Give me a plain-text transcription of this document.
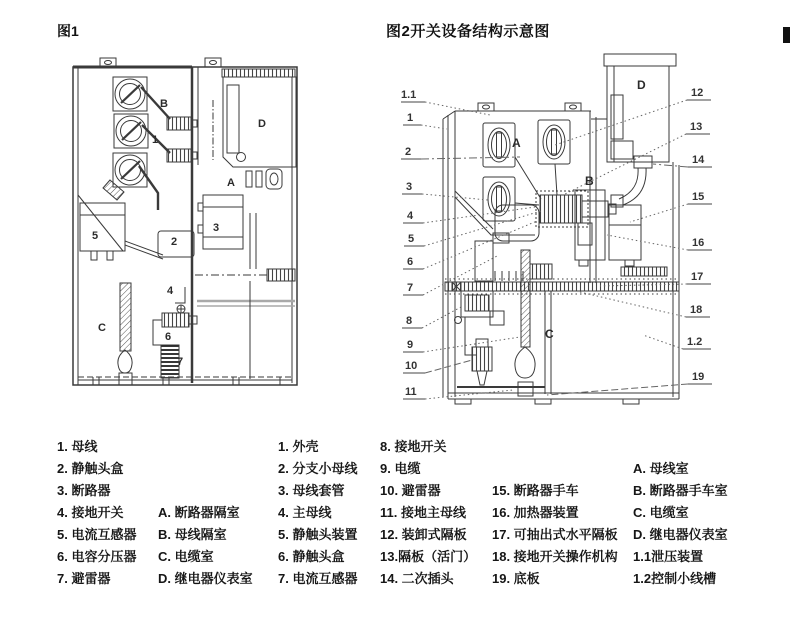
图1	图2开关设备结构示意图
B
1
D
A
3
2
5
4
C
6
7
A
B
C
D
1.1
1
2
3
4
5
6
7
8
9
10
11
12
13
14
15
16
17
18
1.2
19
1. 母线
2. 静触头盒
3. 断路器
4. 接地开关
5. 电流互感器
6. 电容分压器
7. 避雷器
A. 断路器隔室
B. 母线隔室
C. 电缆室
D. 继电器仪表室
1. 外壳
2. 分支小母线
3. 母线套管
4. 主母线
5. 静触头装置
6. 静触头盒
7. 电流互感器
8. 接地开关
9. 电缆
10. 避雷器
11. 接地主母线
12. 装卸式隔板
13.隔板（活门）
14. 二次插头
15. 断路器手车
16. 加热器装置
17. 可抽出式水平隔板
18. 接地开关操作机构
19. 底板
A. 母线室
B. 断路器手车室
C. 电缆室
D. 继电器仪表室
1.1泄压装置
1.2控制小线槽
